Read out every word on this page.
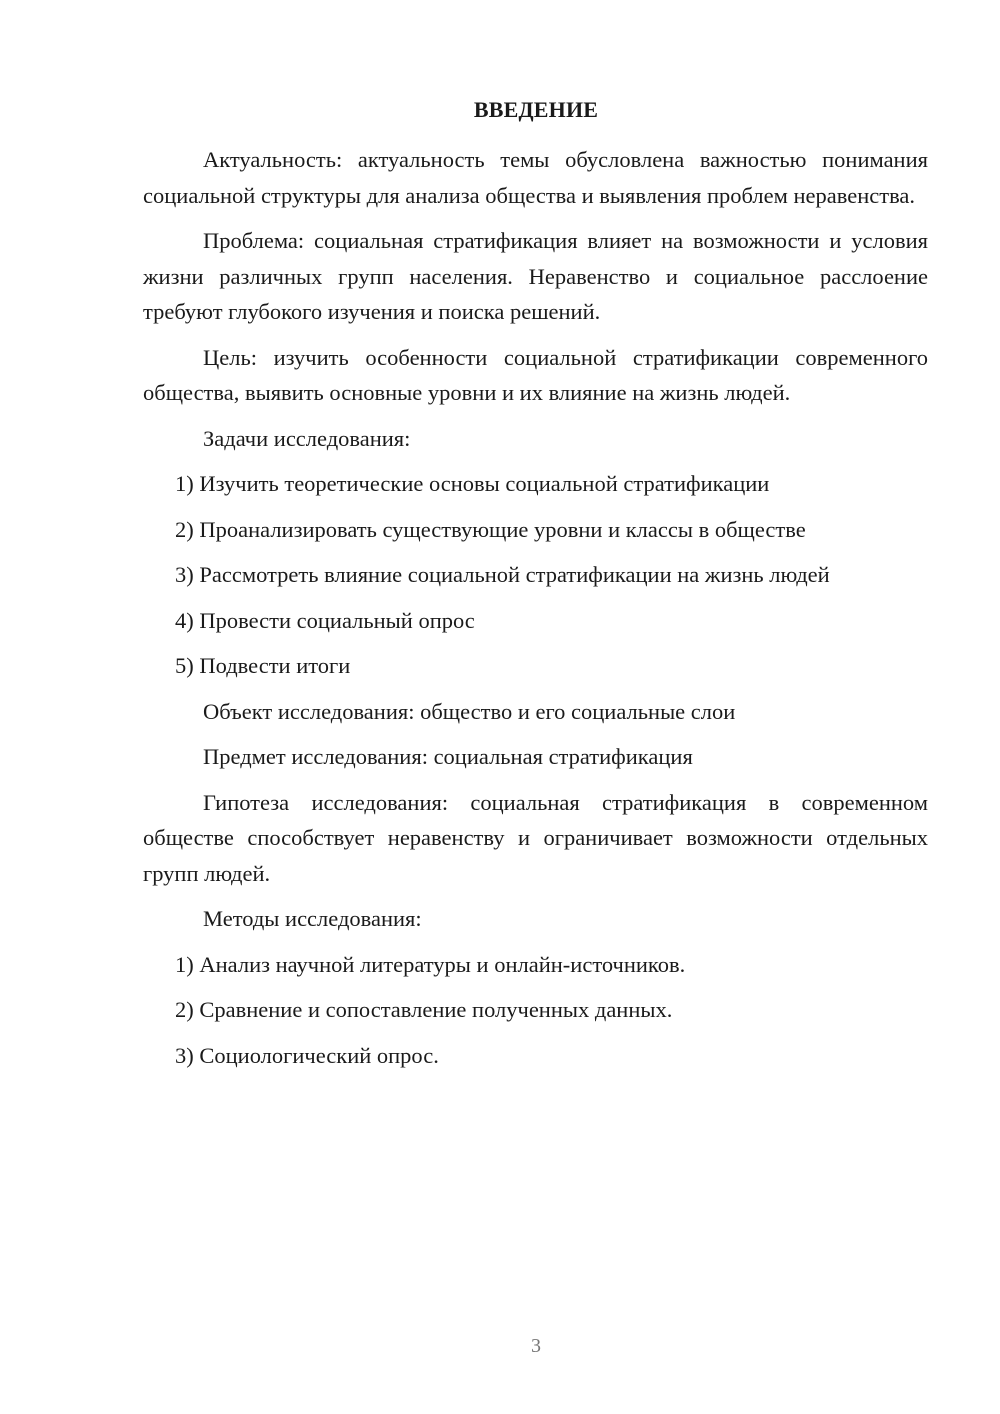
ВВЕДЕНИЕ

Актуальность: актуальность темы обусловлена важностью понимания социальной структуры для анализа общества и выявления проблем неравенства.

Проблема: социальная стратификация влияет на возможности и условия жизни различных групп населения. Неравенство и социальное расслоение требуют глубокого изучения и поиска решений.

Цель: изучить особенности социальной стратификации современного общества, выявить основные уровни и их влияние на жизнь людей.

Задачи исследования:

1) Изучить теоретические основы социальной стратификации

2) Проанализировать существующие уровни и классы в обществе

3) Рассмотреть влияние социальной стратификации на жизнь людей

4) Провести социальный опрос

5) Подвести итоги

Объект исследования: общество и его социальные слои

Предмет исследования: социальная стратификация

Гипотеза исследования: социальная стратификация в современном обществе способствует неравенству и ограничивает возможности отдельных групп людей.

Методы исследования:

1) Анализ научной литературы и онлайн-источников.

2) Сравнение и сопоставление полученных данных.

3) Социологический опрос.

3
